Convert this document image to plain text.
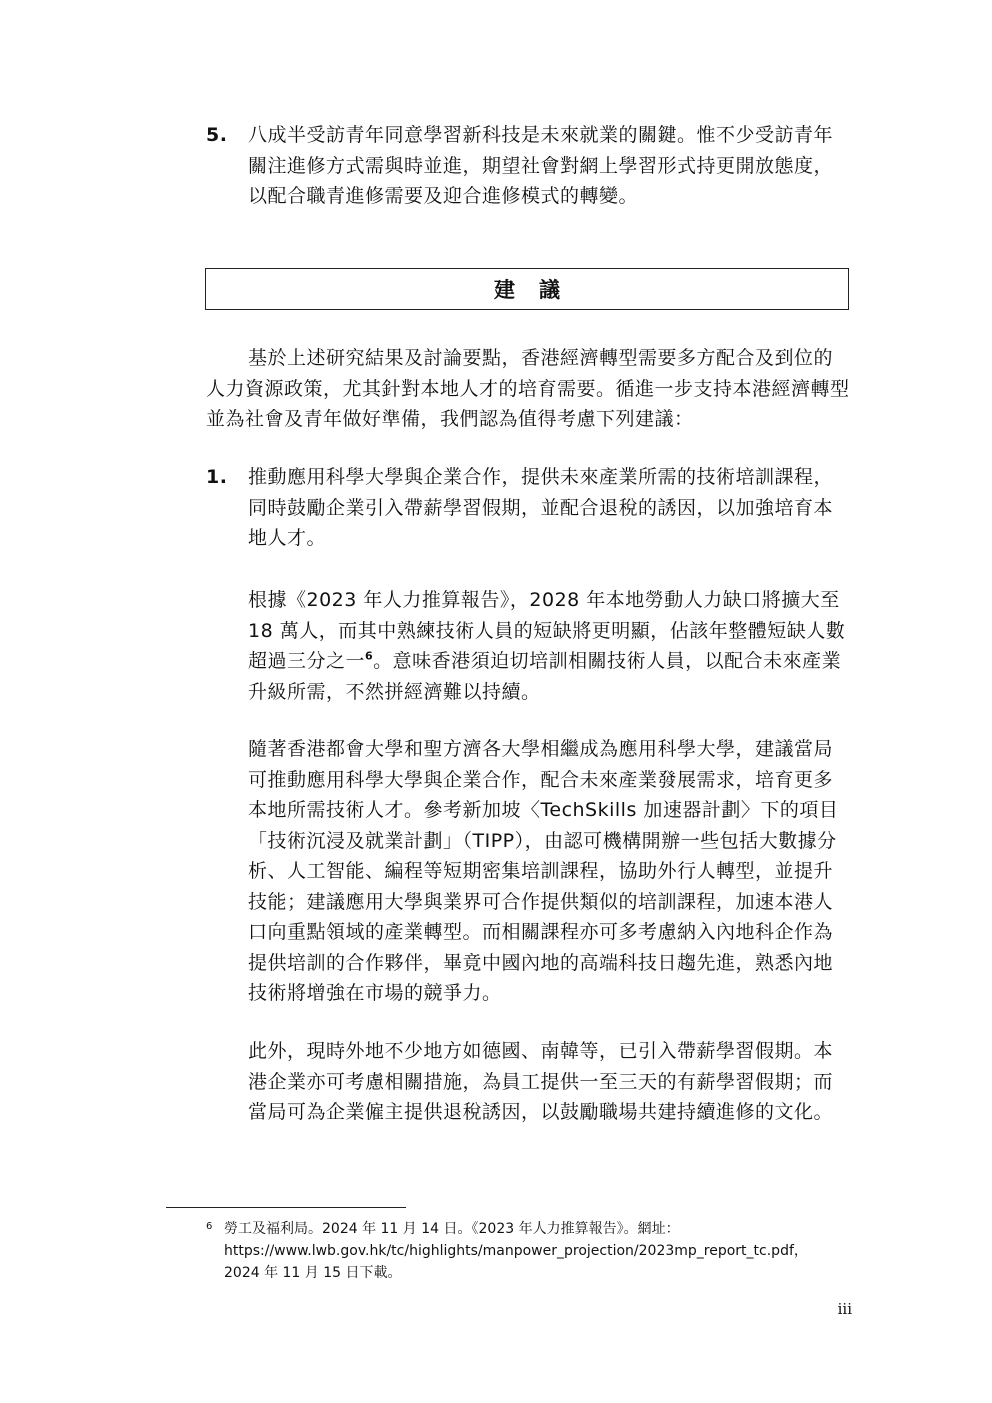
5. 八成半受訪青年同意學習新科技是未來就業的關鍵。惟不少受訪青年關注進修方式需與時並進，期望社會對網上學習形式持更開放態度，以配合職青進修需要及迎合進修模式的轉變。
建議
基於上述研究結果及討論要點，香港經濟轉型需要多方配合及到位的人力資源政策，尤其針對本地人才的培育需要。循進一步支持本港經濟轉型並為社會及青年做好準備，我們認為值得考慮下列建議：
1. 推動應用科學大學與企業合作，提供未來產業所需的技術培訓課程，同時鼓勵企業引入帶薪學習假期，並配合退稅的誘因，以加強培育本地人才。
根據《2023 年人力推算報告》，2028 年本地勞動人力缺口將擴大至 18 萬人，而其中熟練技術人員的短缺將更明顯，佔該年整體短缺人數超過三分之一$^6$。意味香港須迫切培訓相關技術人員，以配合未來產業升級所需，不然拼經濟難以持續。
隨著香港都會大學和聖方濟各大學相繼成為應用科學大學，建議當局可推動應用科學大學與企業合作，配合未來產業發展需求，培育更多本地所需技術人才。參考新加坡〈TechSkills 加速器計劃〉下的項目「技術沉浸及就業計劃」（TIPP），由認可機構開辦一些包括大數據分析、人工智能、編程等短期密集培訓課程，協助外行人轉型，並提升技能；建議應用大學與業界可合作提供類似的培訓課程，加速本港人口向重點領域的產業轉型。而相關課程亦可多考慮納入內地科企作為提供培訓的合作夥伴，畢竟中國內地的高端科技日趨先進，熟悉內地技術將增強在市場的競爭力。
此外，現時外地不少地方如德國、南韓等，已引入帶薪學習假期。本港企業亦可考慮相關措施，為員工提供一至三天的有薪學習假期；而當局可為企業僱主提供退稅誘因，以鼓勵職場共建持續進修的文化。
6 勞工及福利局。2024 年 11 月 14 日。《2023 年人力推算報告》。網址：
https://www.lwb.gov.hk/tc/highlights/manpower_projection/2023mp_report_tc.pdf，
2024 年 11 月 15 日下載。
iii
